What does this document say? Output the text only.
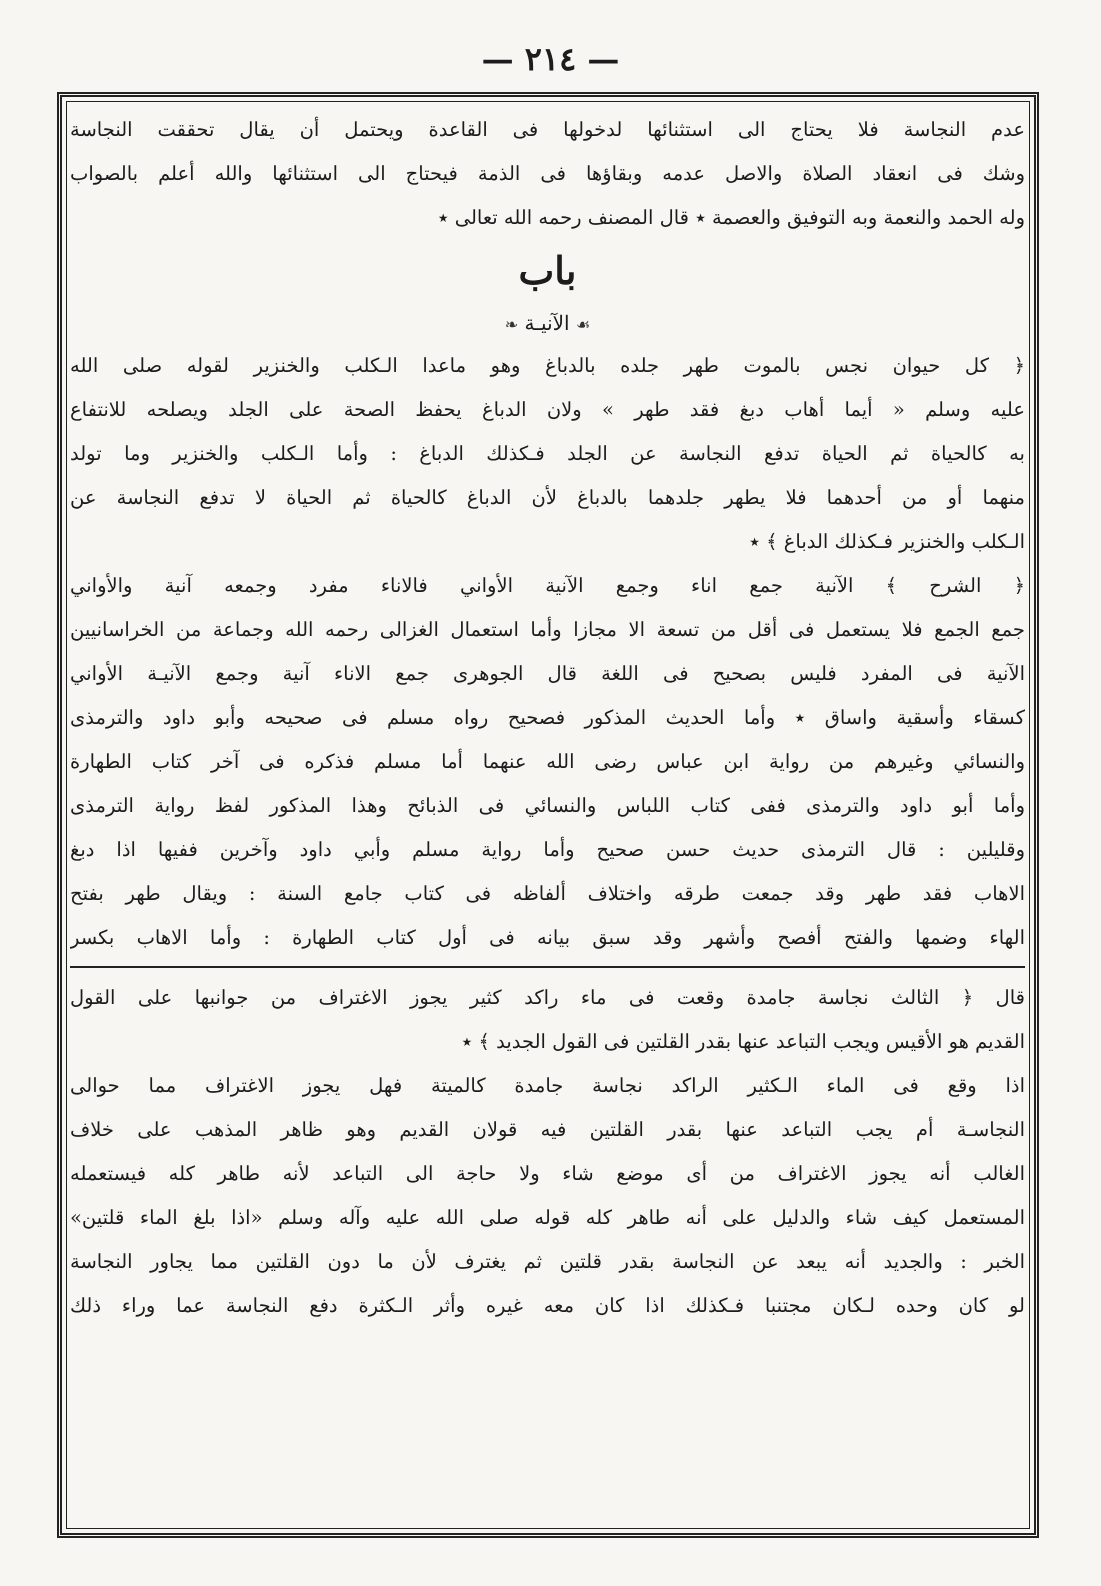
— ٢١٤ —
عدم النجاسة فلا يحتاج الى استثنائها لدخولها فى القاعدة ويحتمل أن يقال تحققت النجاسة
وشك فى انعقاد الصلاة والاصل عدمه وبقاؤها فى الذمة فيحتاج الى استثنائها والله أعلم بالصواب
وله الحمد والنعمة وبه التوفيق والعصمة ٭ قال المصنف رحمه الله تعالى ٭
باب
☙ الآنيـة ❧
﴿ كل حيوان نجس بالموت طهر جلده بالدباغ وهو ماعدا الـكلب والخنزير لقوله صلى الله
عليه وسلم « أيما أهاب دبغ فقد طهر » ولان الدباغ يحفظ الصحة على الجلد ويصلحه للانتفاع
به كالحياة ثم الحياة تدفع النجاسة عن الجلد فـكذلك الدباغ : وأما الـكلب والخنزير وما تولد
منهما أو من أحدهما فلا يطهر جلدهما بالدباغ لأن الدباغ كالحياة ثم الحياة لا تدفع النجاسة عن
الـكلب والخنزير فـكذلك الدباغ ﴾ ٭
﴿ الشرح ﴾ الآنية جمع اناء وجمع الآنية الأواني فالاناء مفرد وجمعه آنية والأواني
جمع الجمع فلا يستعمل فى أقل من تسعة الا مجازا وأما استعمال الغزالى رحمه الله وجماعة من الخراسانيين
الآنية فى المفرد فليس بصحيح فى اللغة قال الجوهرى جمع الاناء آنية وجمع الآنيـة الأواني
كسقاء وأسقية واساق ٭ وأما الحديث المذكور فصحيح رواه مسلم فى صحيحه وأبو داود والترمذى
والنسائي وغيرهم من رواية ابن عباس رضى الله عنهما أما مسلم فذكره فى آخر كتاب الطهارة
وأما أبو داود والترمذى ففى كتاب اللباس والنسائي فى الذبائح وهذا المذكور لفظ رواية الترمذى
وقليلين : قال الترمذى حديث حسن صحيح وأما رواية مسلم وأبي داود وآخرين ففيها اذا دبغ
الاهاب فقد طهر وقد جمعت طرقه واختلاف ألفاظه فى كتاب جامع السنة : ويقال طهر بفتح
الهاء وضمها والفتح أفصح وأشهر وقد سبق بيانه فى أول كتاب الطهارة : وأما الاهاب بكسر
قال ﴿ الثالث نجاسة جامدة وقعت فى ماء راكد كثير يجوز الاغتراف من جوانبها على القول
القديم هو الأقيس ويجب التباعد عنها بقدر القلتين فى القول الجديد ﴾ ٭
اذا وقع فى الماء الـكثير الراكد نجاسة جامدة كالميتة فهل يجوز الاغتراف مما حوالى
النجاسـة أم يجب التباعد عنها بقدر القلتين فيه قولان القديم وهو ظاهر المذهب على خلاف
الغالب أنه يجوز الاغتراف من أى موضع شاء ولا حاجة الى التباعد لأنه طاهر كله فيستعمله
المستعمل كيف شاء والدليل على أنه طاهر كله قوله صلى الله عليه وآله وسلم «اذا بلغ الماء قلتين»
الخبر : والجديد أنه يبعد عن النجاسة بقدر قلتين ثم يغترف لأن ما دون القلتين مما يجاور النجاسة
لو كان وحده لـكان مجتنبا فـكذلك اذا كان معه غيره وأثر الـكثرة دفع النجاسة عما وراء ذلك
